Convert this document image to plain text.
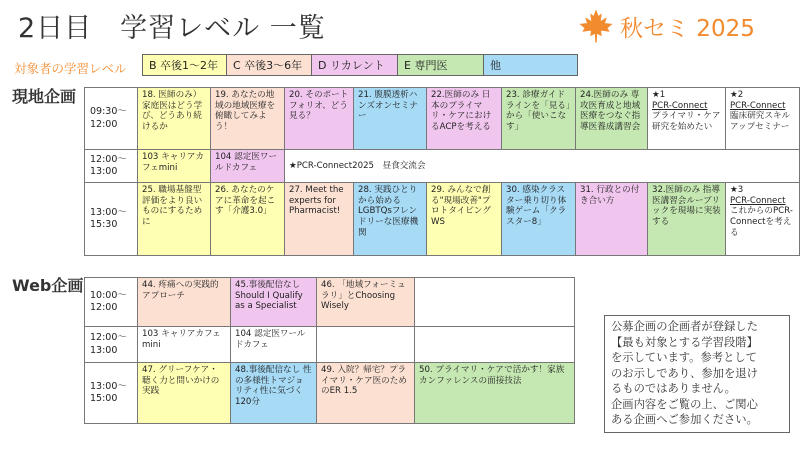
2日目　学習レベル 一覧	秋セミ 2025
対象者の学習レベル	B 卒後1～2年	C 卒後3～6年	D リカレント	E 専門医	他
現地企画
09:30～
12:00	18. 医師のみ）家庭医はどう学び、どうあり続けるか	19. あなたの地域の地域医療を俯瞰してみよう！	20. そのポートフォリオ、どう見る？	21. 腹膜透析ハンズオンセミナー	22.医師のみ 日本のプライマリ・ケアにおけるACPを考える	23. 診療ガイドラインを「見る」から「使いこなす」	24.医師のみ 専攻医育成と地域医療をつなぐ指導医養成講習会	★1
PCR-Connect
プライマリ・ケア研究を始めたい	★2
PCR-Connect
臨床研究スキルアップセミナー

12:00～
13:00	103 キャリアカフェmini	104 認定医ワールドカフェ	★PCR-Connect2025　昼食交流会						

13:00～
15:30	25. 職場基盤型評価をより良いものにするために	26. あなたのケアに革命を起こす「介護3.0」	27. Meet the experts for Pharmacist!	28. 実践ひとりから始めるLGBTQsフレンドリーな医療機関	29. みんなで創る"現場改善"プロトタイピングWS	30. 感染クラスター乗り切り体験ゲーム「クラスター8」	31. 行政との付き合い方	32.医師のみ 指導医講習会ルーブリックを現場に実装する	★3
PCR-Connect
これからのPCR-Connectを考える
Web企画
10:00～
12:00	44. 疼痛への実践的アプローチ	45.事後配信なし Should I Qualify as a Specialist	46. 「地域フォーミュラリ」とChoosing Wisely	

12:00～
13:00	103 キャリアカフェmini	104 認定医ワールドカフェ		

13:00～
15:00	47. グリーフケア・聴く力と問いかけの実践	48.事後配信なし 性の多様性トマジョリティ性に気づく120分	49. 入院？帰宅？プライマリ・ケア医のためのER 1.5	50. プライマリ・ケアで活かす！家族カンファレンスの面接技法
公募企画の企画者が登録した
【最も対象とする学習段階】
を示しています。参考として
のお示しであり、参加を退け
るものではありません。
企画内容をご覧の上、ご関心
ある企画へご参加ください。
